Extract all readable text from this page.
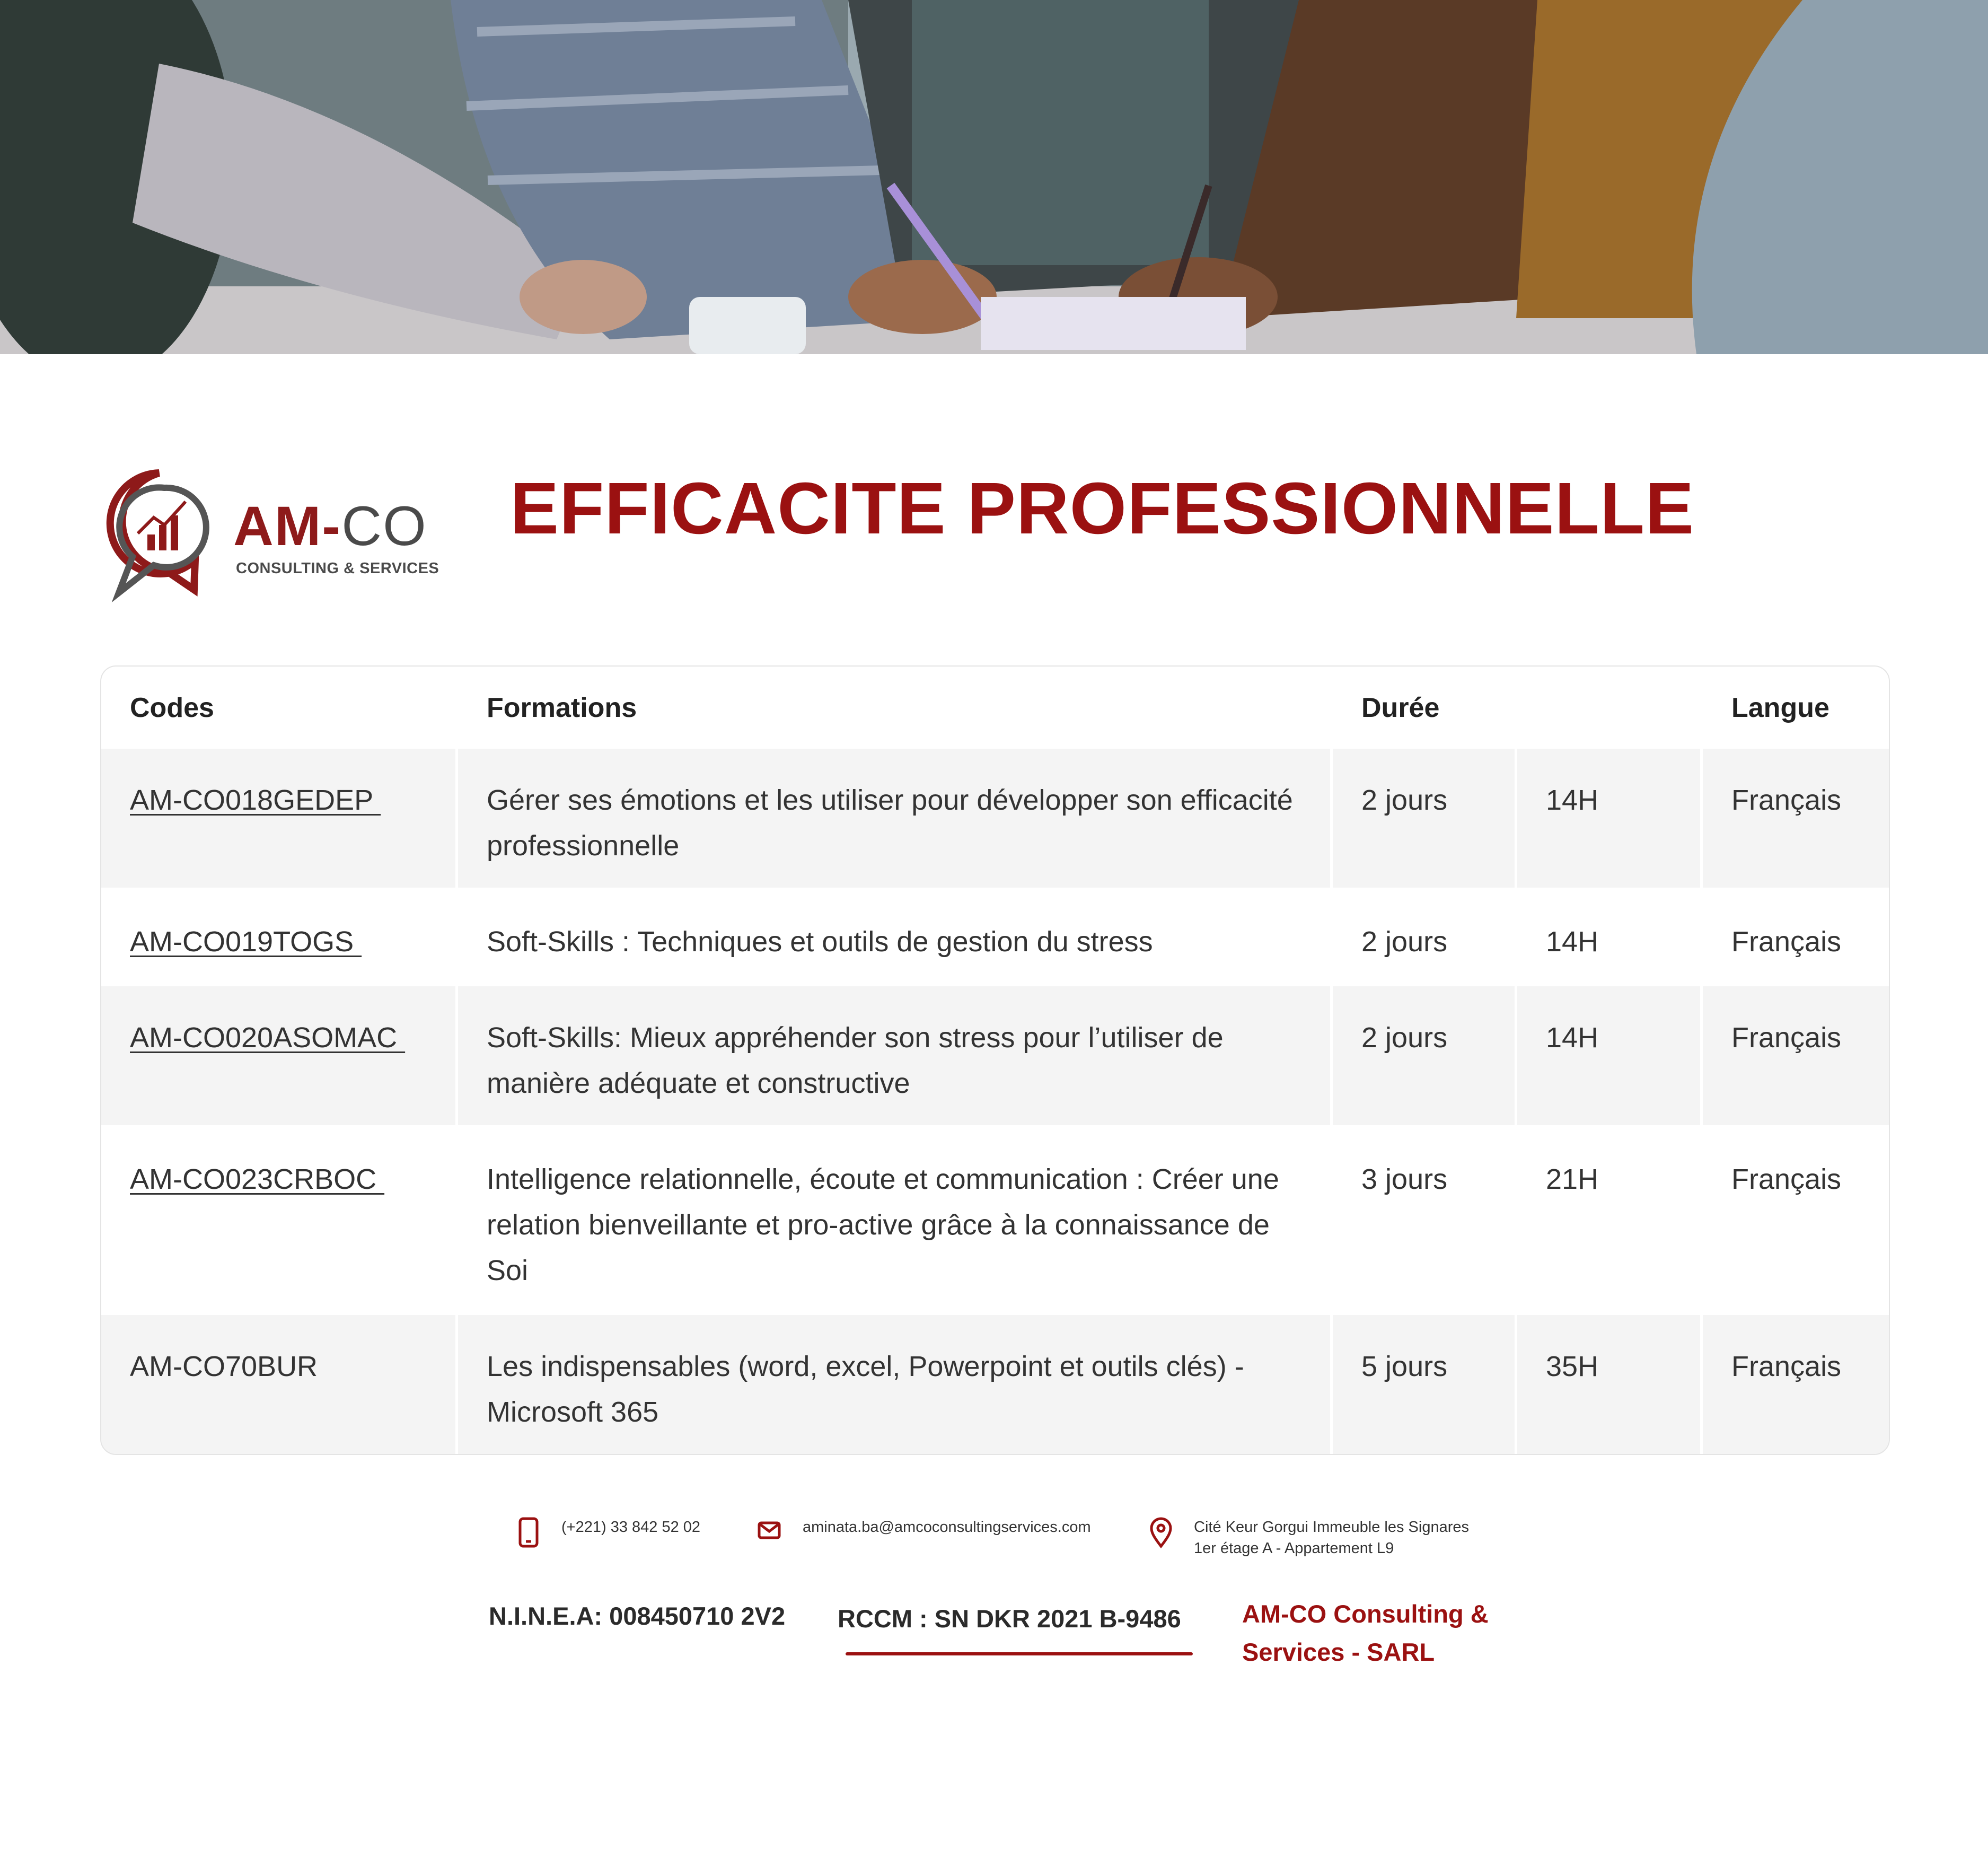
AM-CO
CONSULTING & SERVICES
EFFICACITE PROFESSIONNELLE
Codes	Formations	Durée		Langue
AM-CO018GEDEP	Gérer ses émotions et les utiliser pour développer son efficacité professionnelle	2 jours	14H	Français
AM-CO019TOGS	Soft-Skills : Techniques et outils de gestion du stress	2 jours	14H	Français
AM-CO020ASOMAC	Soft-Skills: Mieux appréhender son stress pour l’utiliser de manière adéquate et constructive	2 jours	14H	Français
AM-CO023CRBOC	Intelligence relationnelle, écoute et communication : Créer une relation bienveillante et pro-active grâce à la connaissance de Soi	3 jours	21H	Français
AM-CO70BUR	Les indispensables (word, excel, Powerpoint et outils clés) - Microsoft 365	5 jours	35H	Français
(+221) 33 842 52 02	aminata.ba@amcoconsultingservices.com	Cité Keur Gorgui Immeuble les Signares
1er étage A - Appartement L9
N.I.N.E.A: 008450710 2V2 RCCM : SN DKR 2021 B-9486 AM-CO Consulting &
Services - SARL
